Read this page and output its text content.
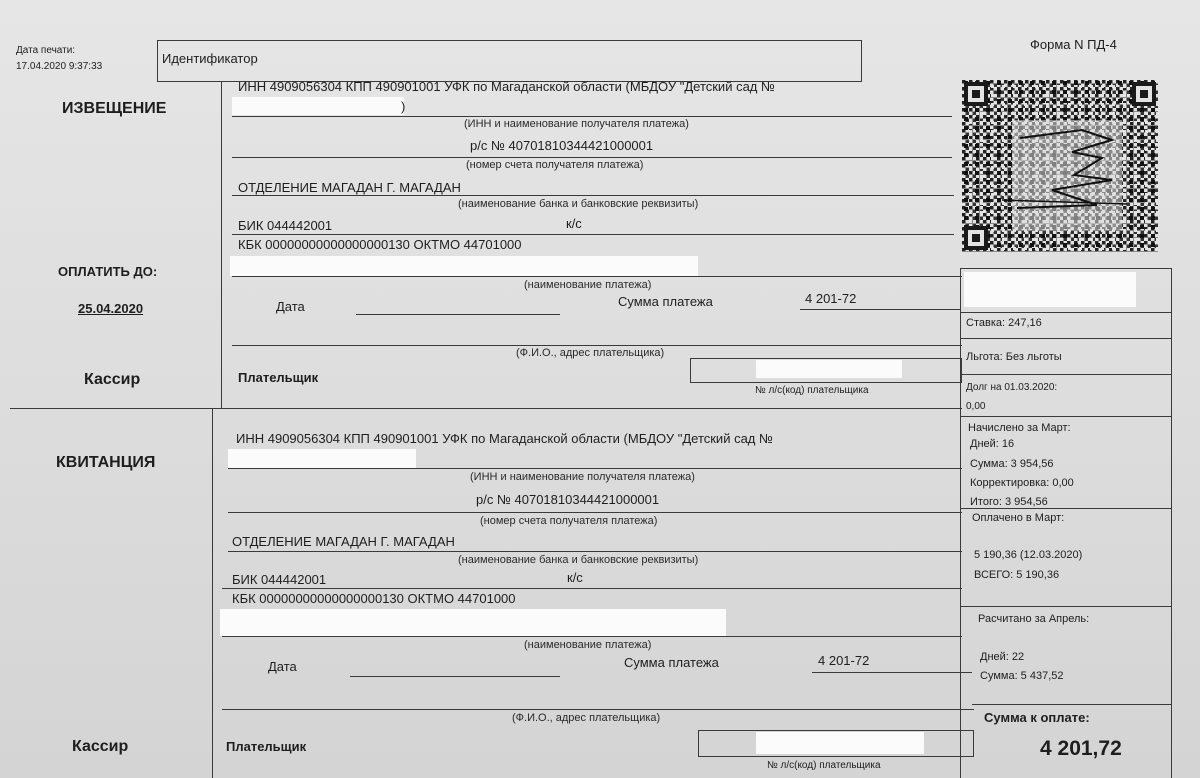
Дата печати:
17.04.2020 9:37:33
Идентификатор
Форма N ПД-4
ИЗВЕЩЕНИЕ
ОПЛАТИТЬ ДО:
25.04.2020
Кассир
ИНН 4909056304 КПП 490901001 УФК по Магаданской области (МБДОУ "Детский сад №
)
(ИНН и наименование получателя платежа)
р/с № 40701810344421000001
(номер счета получателя платежа)
ОТДЕЛЕНИЕ МАГАДАН Г. МАГАДАН
(наименование банка и банковские реквизиты)
БИК 044442001	к/с
КБК 00000000000000000130 ОКТМО 44701000
(наименование платежа)
Дата	Сумма платежа	4 201-72
(Ф.И.О., адрес плательщика)
Плательщик
№ л/с(код) плательщика
КВИТАНЦИЯ
Кассир
ИНН 4909056304 КПП 490901001 УФК по Магаданской области (МБДОУ "Детский сад №
(ИНН и наименование получателя платежа)
р/с № 40701810344421000001
(номер счета получателя платежа)
ОТДЕЛЕНИЕ МАГАДАН Г. МАГАДАН
(наименование банка и банковские реквизиты)
БИК 044442001	к/с
КБК 00000000000000000130 ОКТМО 44701000
(наименование платежа)
Дата	Сумма платежа	4 201-72
(Ф.И.О., адрес плательщика)
Плательщик
№ л/с(код) плательщика
Ставка: 247,16
Льгота: Без льготы
Долг на 01.03.2020:
0,00
Начислено за Март:
Дней: 16
Сумма: 3 954,56
Корректировка: 0,00
Итого: 3 954,56
Оплачено в Март:
5 190,36 (12.03.2020)
ВСЕГО: 5 190,36
Расчитано за Апрель:
Дней: 22
Сумма: 5 437,52
Сумма к оплате:
4 201,72
